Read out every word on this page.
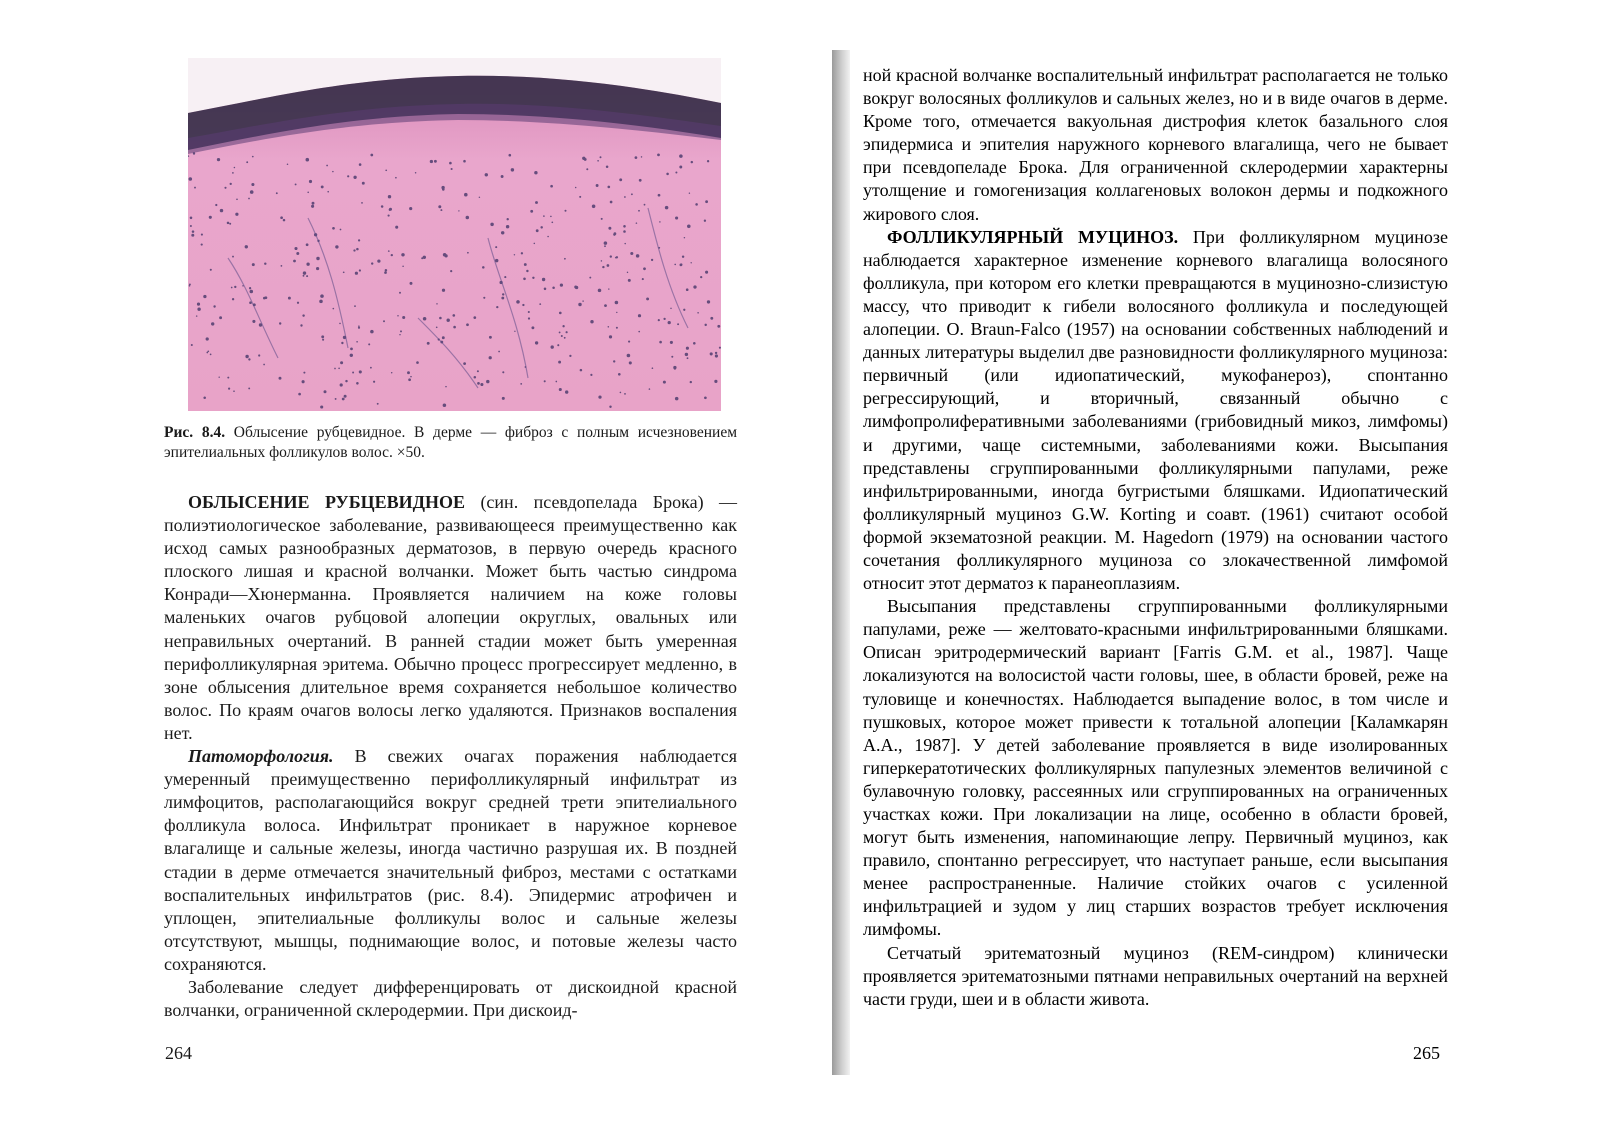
Рис. 8.4. Облысение рубцевидное. В дерме — фиброз с полным исчезновением эпителиальных фолликулов волос. ×50.

ОБЛЫСЕНИЕ РУБЦЕВИДНОЕ (син. псевдопелада Брока) — полиэтиологическое заболевание, развивающееся преимущественно как исход самых разнообразных дерматозов, в первую очередь красного плоского лишая и красной волчанки. Может быть частью синдрома Конради—Хюнерманна. Проявляется наличием на коже головы маленьких очагов рубцовой алопеции округлых, овальных или неправильных очертаний. В ранней стадии может быть умеренная перифолликулярная эритема. Обычно процесс прогрессирует медленно, в зоне облысения длительное время сохраняется небольшое количество волос. По краям очагов волосы легко удаляются. Признаков воспаления нет.

Патоморфология. В свежих очагах поражения наблюдается умеренный преимущественно перифолликулярный инфильтрат из лимфоцитов, располагающийся вокруг средней трети эпителиального фолликула волоса. Инфильтрат проникает в наружное корневое влагалище и сальные железы, иногда частично разрушая их. В поздней стадии в дерме отмечается значительный фиброз, местами с остатками воспалительных инфильтратов (рис. 8.4). Эпидермис атрофичен и уплощен, эпителиальные фолликулы волос и сальные железы отсутствуют, мышцы, поднимающие волос, и потовые железы часто сохраняются.

Заболевание следует дифференцировать от дискоидной красной волчанки, ограниченной склеродермии. При дискоид-

264

ной красной волчанке воспалительный инфильтрат располагается не только вокруг волосяных фолликулов и сальных желез, но и в виде очагов в дерме. Кроме того, отмечается вакуольная дистрофия клеток базального слоя эпидермиса и эпителия наружного корневого влагалища, чего не бывает при псевдопеладе Брока. Для ограниченной склеродермии характерны утолщение и гомогенизация коллагеновых волокон дермы и подкожного жирового слоя.

ФОЛЛИКУЛЯРНЫЙ МУЦИНОЗ. При фолликулярном муцинозе наблюдается характерное изменение корневого влагалища волосяного фолликула, при котором его клетки превращаются в муцинозно-слизистую массу, что приводит к гибели волосяного фолликула и последующей алопеции. O. Braun-Falco (1957) на основании собственных наблюдений и данных литературы выделил две разновидности фолликулярного муциноза: первичный (или идиопатический, мукофанероз), спонтанно регрессирующий, и вторичный, связанный обычно с лимфопролиферативными заболеваниями (грибовидный микоз, лимфомы) и другими, чаще системными, заболеваниями кожи. Высыпания представлены сгруппированными фолликулярными папулами, реже инфильтрированными, иногда бугристыми бляшками. Идиопатический фолликулярный муциноз G.W. Korting и соавт. (1961) считают особой формой экзематозной реакции. M. Hagedorn (1979) на основании частого сочетания фолликулярного муциноза со злокачественной лимфомой относит этот дерматоз к паранеоплазиям.

Высыпания представлены сгруппированными фолликулярными папулами, реже — желтовато-красными инфильтрированными бляшками. Описан эритродермический вариант [Farris G.M. et al., 1987]. Чаще локализуются на волосистой части головы, шее, в области бровей, реже на туловище и конечностях. Наблюдается выпадение волос, в том числе и пушковых, которое может привести к тотальной алопеции [Каламкарян А.А., 1987]. У детей заболевание проявляется в виде изолированных гиперкератотических фолликулярных папулезных элементов величиной с булавочную головку, рассеянных или сгруппированных на ограниченных участках кожи. При локализации на лице, особенно в области бровей, могут быть изменения, напоминающие лепру. Первичный муциноз, как правило, спонтанно регрессирует, что наступает раньше, если высыпания менее распространенные. Наличие стойких очагов с усиленной инфильтрацией и зудом у лиц старших возрастов требует исключения лимфомы.

Сетчатый эритематозный муциноз (REM-синдром) клинически проявляется эритематозными пятнами неправильных очертаний на верхней части груди, шеи и в области живота.

265
